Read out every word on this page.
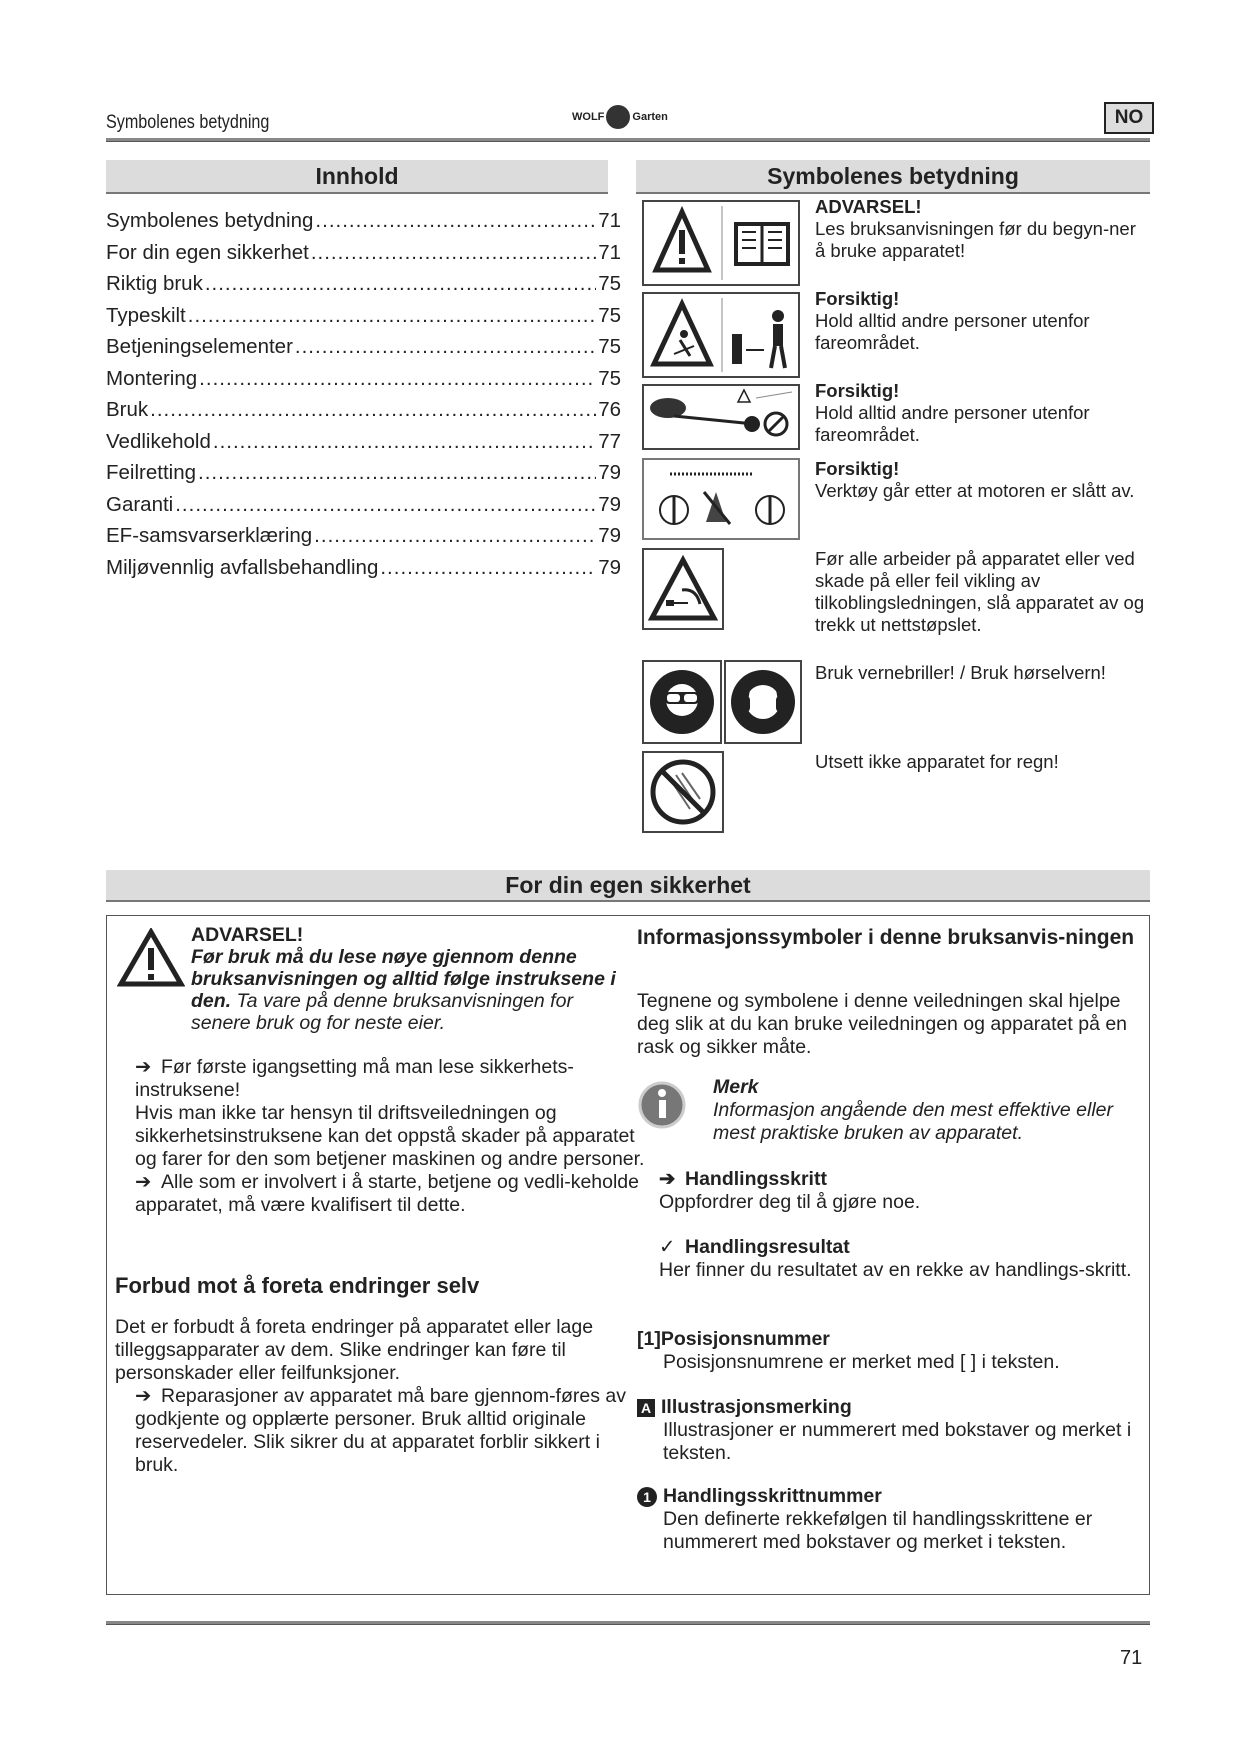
Symbolenes betydning	WOLF	Garten	NO
Innhold
Symbolenes betydning .....	71
For din egen sikkerhet .....	71
Riktig bruk .....	75
Typeskilt .....	75
Betjeningselementer .....	75
Montering .....	75
Bruk .....	76
Vedlikehold .....	77
Feilretting .....	79
Garanti .....	79
EF-samsvarserklæring .....	79
Miljøvennlig avfallsbehandling .....	79
Symbolenes betydning
ADVARSEL!
Les bruksanvisningen før du begyn-ner å bruke apparatet!
Forsiktig!
Hold alltid andre personer utenfor fareområdet.
Forsiktig!
Hold alltid andre personer utenfor fareområdet.
Forsiktig!
Verktøy går etter at motoren er slått av.
Før alle arbeider på apparatet eller ved skade på eller feil vikling av tilkoblingsledningen, slå apparatet av og trekk ut nettstøpslet.
Bruk vernebriller! / Bruk hørselvern!
Utsett ikke apparatet for regn!
For din egen sikkerhet
ADVARSEL!
Før bruk må du lese nøye gjennom denne bruksanvisningen og alltid følge instruksene i den. Ta vare på denne bruksanvisningen for senere bruk og for neste eier.
➔ Før første igangsetting må man lese sikkerhets-instruksene!
Hvis man ikke tar hensyn til driftsveiledningen og sikkerhetsinstruksene kan det oppstå skader på apparatet og farer for den som betjener maskinen og andre personer.
➔ Alle som er involvert i å starte, betjene og vedli-keholde apparatet, må være kvalifisert til dette.
Forbud mot å foreta endringer selv
Det er forbudt å foreta endringer på apparatet eller lage tilleggsapparater av dem. Slike endringer kan føre til personskader eller feilfunksjoner.
➔ Reparasjoner av apparatet må bare gjennom-føres av godkjente og opplærte personer. Bruk alltid originale reservedeler. Slik sikrer du at apparatet forblir sikkert i bruk.
Informasjonssymboler i denne bruksanvis-ningen
Tegnene og symbolene i denne veiledningen skal hjelpe deg slik at du kan bruke veiledningen og apparatet på en rask og sikker måte.
Merk
Informasjon angående den mest effektive eller mest praktiske bruken av apparatet.
➔ Handlingsskritt
Oppfordrer deg til å gjøre noe.
✓ Handlingsresultat
Her finner du resultatet av en rekke av handlings-skritt.
[1]Posisjonsnummer
Posisjonsnumrene er merket med [ ] i teksten.
A Illustrasjonsmerking
Illustrasjoner er nummerert med bokstaver og merket i teksten.
1 Handlingsskrittnummer
Den definerte rekkefølgen til handlingsskrittene er nummerert med bokstaver og merket i teksten.
71
